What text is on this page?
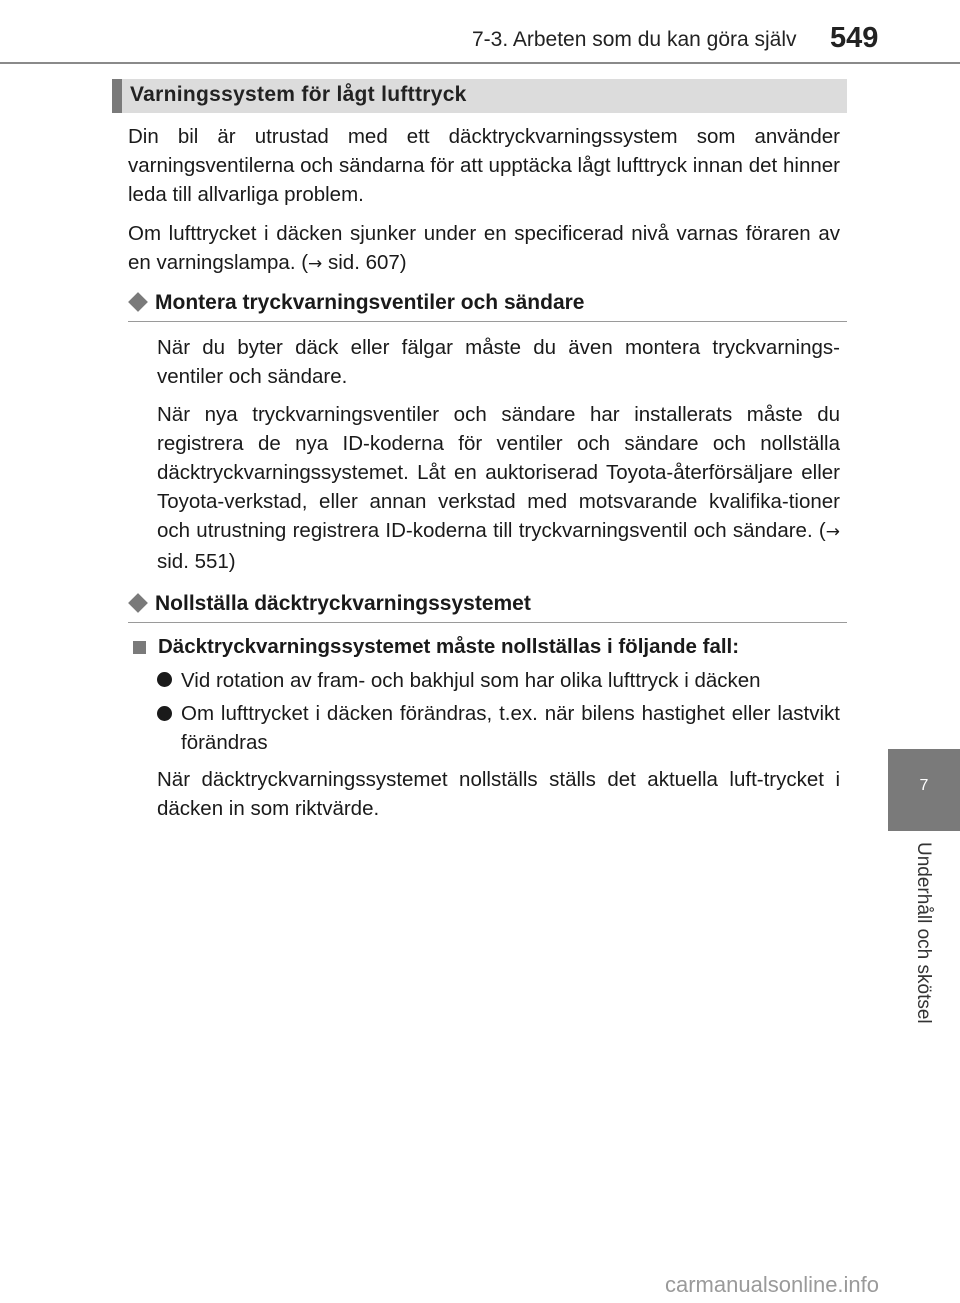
7-3. Arbeten som du kan göra själv 549
Varningssystem för lågt lufttryck
Din bil är utrustad med ett däcktryckvarningssystem som använder varningsventilerna och sändarna för att upptäcka lågt lufttryck innan det hinner leda till allvarliga problem.
Om lufttrycket i däcken sjunker under en specificerad nivå varnas föraren av en varningslampa. (→ sid. 607)
Montera tryckvarningsventiler och sändare
När du byter däck eller fälgar måste du även montera tryckvarnings-ventiler och sändare.
När nya tryckvarningsventiler och sändare har installerats måste du registrera de nya ID-koderna för ventiler och sändare och nollställa däcktryckvarningssystemet. Låt en auktoriserad Toyota-återförsäljare eller Toyota-verkstad, eller annan verkstad med motsvarande kvalifika-tioner och utrustning registrera ID-koderna till tryckvarningsventil och sändare. (→ sid. 551)
Nollställa däcktryckvarningssystemet
Däcktryckvarningssystemet måste nollställas i följande fall:
Vid rotation av fram- och bakhjul som har olika lufttryck i däcken
Om lufttrycket i däcken förändras, t.ex. när bilens hastighet eller lastvikt förändras
När däcktryckvarningssystemet nollställs ställs det aktuella luft-trycket i däcken in som riktvärde.
7
Underhåll och skötsel
carmanualsonline.info
